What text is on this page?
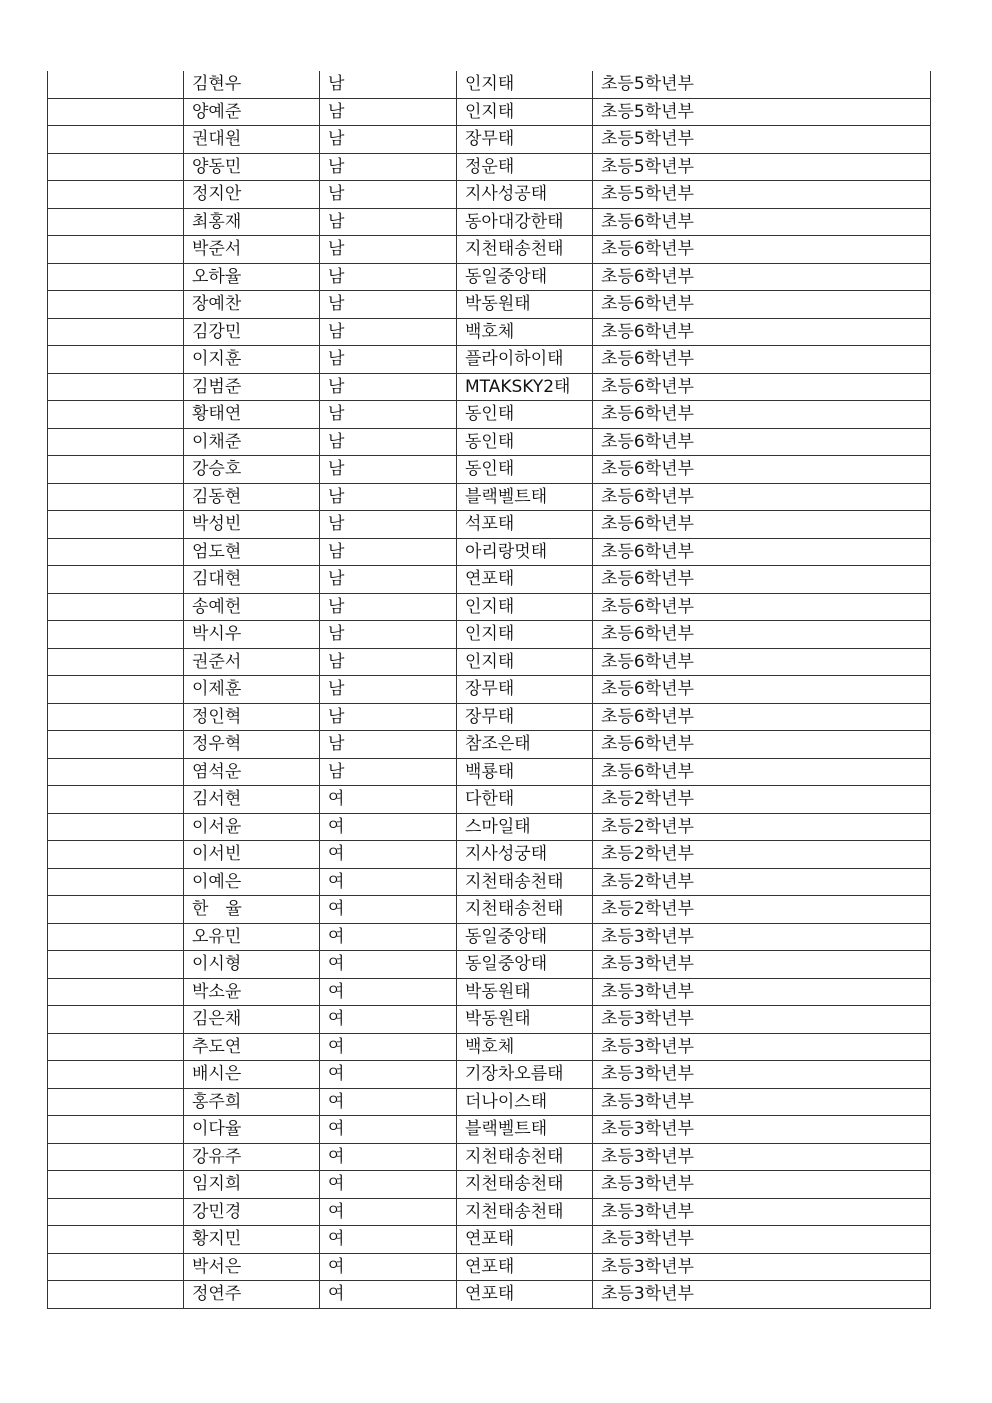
	김현우	남	인지태	초등5학년부
	양예준	남	인지태	초등5학년부
	권대원	남	장무태	초등5학년부
	양동민	남	정운태	초등5학년부
	정지안	남	지사성공태	초등5학년부
	최홍재	남	동아대강한태	초등6학년부
	박준서	남	지천태송천태	초등6학년부
	오하율	남	동일중앙태	초등6학년부
	장예찬	남	박동원태	초등6학년부
	김강민	남	백호체	초등6학년부
	이지훈	남	플라이하이태	초등6학년부
	김범준	남	MTAKSKY2태	초등6학년부
	황태연	남	동인태	초등6학년부
	이채준	남	동인태	초등6학년부
	강승호	남	동인태	초등6학년부
	김동현	남	블랙벨트태	초등6학년부
	박성빈	남	석포태	초등6학년부
	엄도현	남	아리랑멋태	초등6학년부
	김대현	남	연포태	초등6학년부
	송예헌	남	인지태	초등6학년부
	박시우	남	인지태	초등6학년부
	권준서	남	인지태	초등6학년부
	이제훈	남	장무태	초등6학년부
	정인혁	남	장무태	초등6학년부
	정우혁	남	참조은태	초등6학년부
	염석운	남	백룡태	초등6학년부
	김서현	여	다한태	초등2학년부
	이서윤	여	스마일태	초등2학년부
	이서빈	여	지사성궁태	초등2학년부
	이예은	여	지천태송천태	초등2학년부
	한　율	여	지천태송천태	초등2학년부
	오유민	여	동일중앙태	초등3학년부
	이시형	여	동일중앙태	초등3학년부
	박소윤	여	박동원태	초등3학년부
	김은채	여	박동원태	초등3학년부
	추도연	여	백호체	초등3학년부
	배시은	여	기장차오름태	초등3학년부
	홍주희	여	더나이스태	초등3학년부
	이다율	여	블랙벨트태	초등3학년부
	강유주	여	지천태송천태	초등3학년부
	임지희	여	지천태송천태	초등3학년부
	강민경	여	지천태송천태	초등3학년부
	황지민	여	연포태	초등3학년부
	박서은	여	연포태	초등3학년부
	정연주	여	연포태	초등3학년부
